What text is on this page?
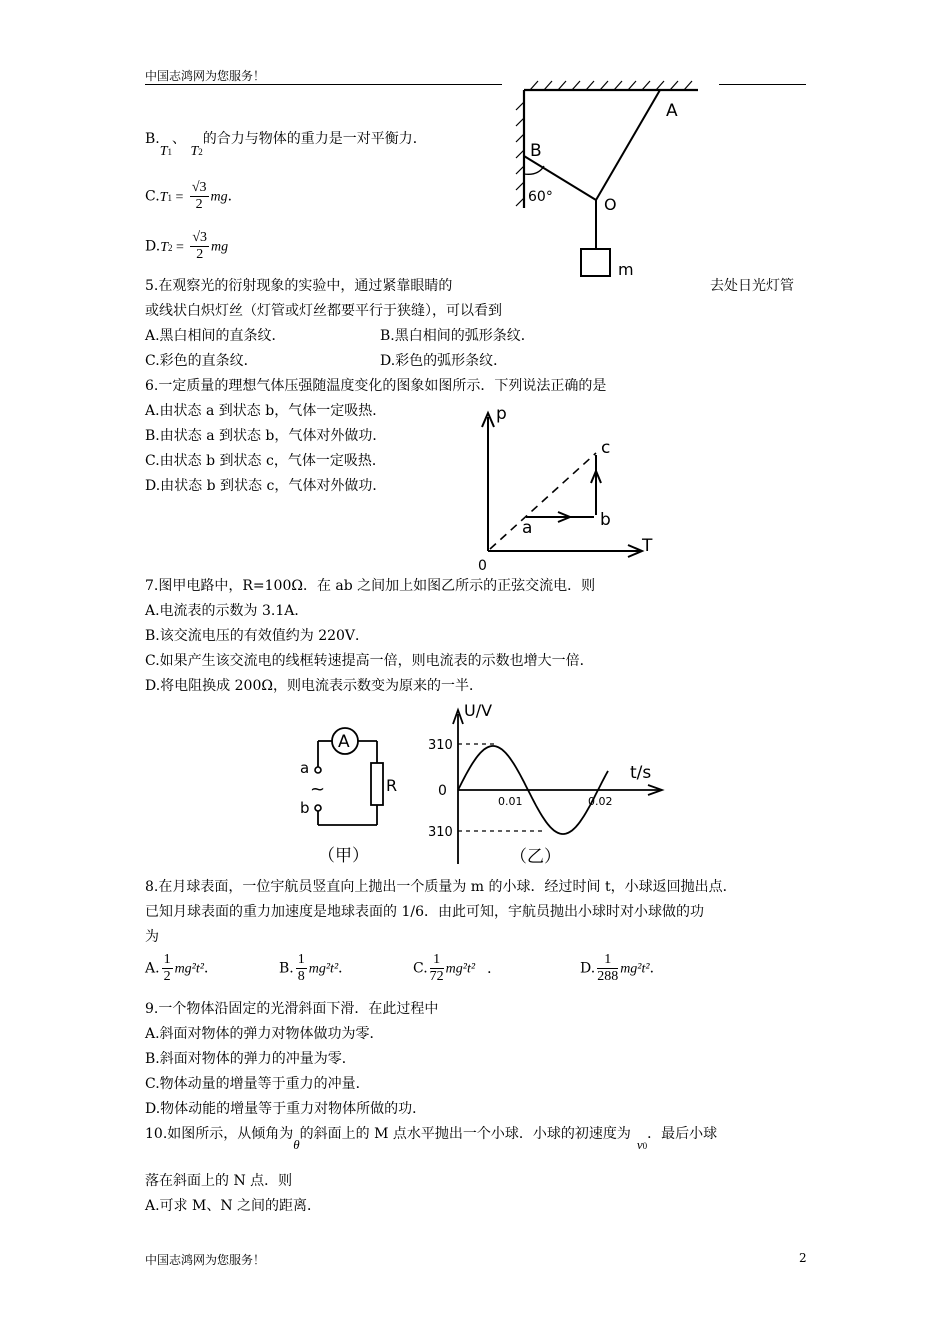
中国志鸿网为您服务！
B.T1、 T2的合力与物体的重力是一对平衡力．
$C.T1 = \frac{√3}{2}$ mg．
$D.T2 = \frac{√3}{2}$ mg
A
B
O
m
60°
5.在观察光的衍射现象的实验中，通过紧靠眼睛的	去处日光灯管
或线状白炽灯丝（灯管或灯丝都要平行于狭缝），可以看到
A.黑白相间的直条纹．	B.黑白相间的弧形条纹．
C.彩色的直条纹．	D.彩色的弧形条纹．
6.一定质量的理想气体压强随温度变化的图象如图所示．下列说法正确的是
A.由状态 a 到状态 b，气体一定吸热．
B.由状态 a 到状态 b，气体对外做功．
C.由状态 b 到状态 c，气体一定吸热．
D.由状态 b 到状态 c，气体对外做功．
p
T
0
a	b
c
7.图甲电路中，R=100Ω．在 ab 之间加上如图乙所示的正弦交流电．则
A.电流表的示数为 3.1A．
B.该交流电压的有效值约为 220V．
C.如果产生该交流电的线框转速提高一倍，则电流表的示数也增大一倍．
D.将电阻换成 200Ω，则电流表示数变为原来的一半．
A
R
a
b
~
（甲）
U/V
t/s
0
310
310
0.01	0.02
（乙）
8.在月球表面，一位宇航员竖直向上抛出一个质量为 m 的小球．经过时间 t，小球返回抛出点．
已知月球表面的重力加速度是地球表面的 1/6．由此可知，宇航员抛出小球时对小球做的功
为
A. $\frac{1}{2} mg^2t^2$．	B. $\frac{1}{8} mg^2t^2$．	C. $\frac{1}{72} mg^2t^2$ ．	D. $\frac{1}{288} mg^2t^2$．
9.一个物体沿固定的光滑斜面下滑．在此过程中
A.斜面对物体的弹力对物体做功为零．
B.斜面对物体的弹力的冲量为零．
C.物体动量的增量等于重力的冲量．
D.物体动能的增量等于重力对物体所做的功．
10.如图所示，从倾角为θ的斜面上的 M 点水平抛出一个小球．小球的初速度为v0．最后小球
落在斜面上的 N 点．则
A.可求 M、N 之间的距离．
中国志鸿网为您服务！	2
